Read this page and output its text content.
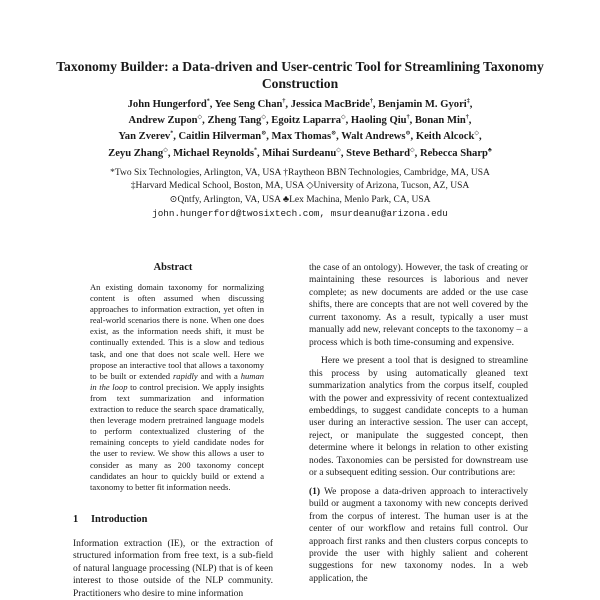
Taxonomy Builder: a Data-driven and User-centric Tool for Streamlining Taxonomy Construction
John Hungerford*, Yee Seng Chan†, Jessica MacBride†, Benjamin M. Gyori‡,
Andrew Zupon◇, Zheng Tang◇, Egoitz Laparra◇, Haoling Qiu†, Bonan Min†,
Yan Zverev*, Caitlin Hilverman⊙, Max Thomas⊙, Walt Andrews⊙, Keith Alcock◇,
Zeyu Zhang◇, Michael Reynolds*, Mihai Surdeanu◇, Steve Bethard◇, Rebecca Sharp♣
*Two Six Technologies, Arlington, VA, USA †Raytheon BBN Technologies, Cambridge, MA, USA
‡Harvard Medical School, Boston, MA, USA ◇University of Arizona, Tucson, AZ, USA
⊙Qntfy, Arlington, VA, USA ♣Lex Machina, Menlo Park, CA, USA
john.hungerford@twosixtech.com, msurdeanu@arizona.edu
Abstract

An existing domain taxonomy for normalizing content is often assumed when discussing approaches to information extraction, yet often in real-world scenarios there is none. When one does exist, as the information needs shift, it must be continually extended. This is a slow and tedious task, and one that does not scale well. Here we propose an interactive tool that allows a taxonomy to be built or extended rapidly and with a human in the loop to control precision. We apply insights from text summarization and information extraction to reduce the search space dramatically, then leverage modern pretrained language models to perform contextualized clustering of the remaining concepts to yield candidate nodes for the user to review. We show this allows a user to consider as many as 200 taxonomy concept candidates an hour to quickly build or extend a taxonomy to better fit information needs.

1 Introduction

Information extraction (IE), or the extraction of structured information from free text, is a sub-field of natural language processing (NLP) that is of keen interest to those outside of the NLP community. Practitioners who desire to mine information

the case of an ontology). However, the task of creating or maintaining these resources is laborious and never complete; as new documents are added or the use case shifts, there are concepts that are not well covered by the current taxonomy. As a result, typically a user must manually add new, relevant concepts to the taxonomy – a process which is both time-consuming and expensive.

Here we present a tool that is designed to streamline this process by using automatically gleaned text summarization analytics from the corpus itself, coupled with the power and expressivity of recent contextualized embeddings, to suggest candidate concepts to a human user during an interactive session. The user can accept, reject, or manipulate the suggested concept, then determine where it belongs in relation to other existing nodes. Taxonomies can be persisted for downstream use or a subsequent editing session. Our contributions are:

(1) We propose a data-driven approach to interactively build or augment a taxonomy with new concepts derived from the corpus of interest. The human user is at the center of our workflow and retains full control. Our approach first ranks and then clusters corpus concepts to provide the user with highly salient and coherent suggestions for new taxonomy nodes. In a web application, the
